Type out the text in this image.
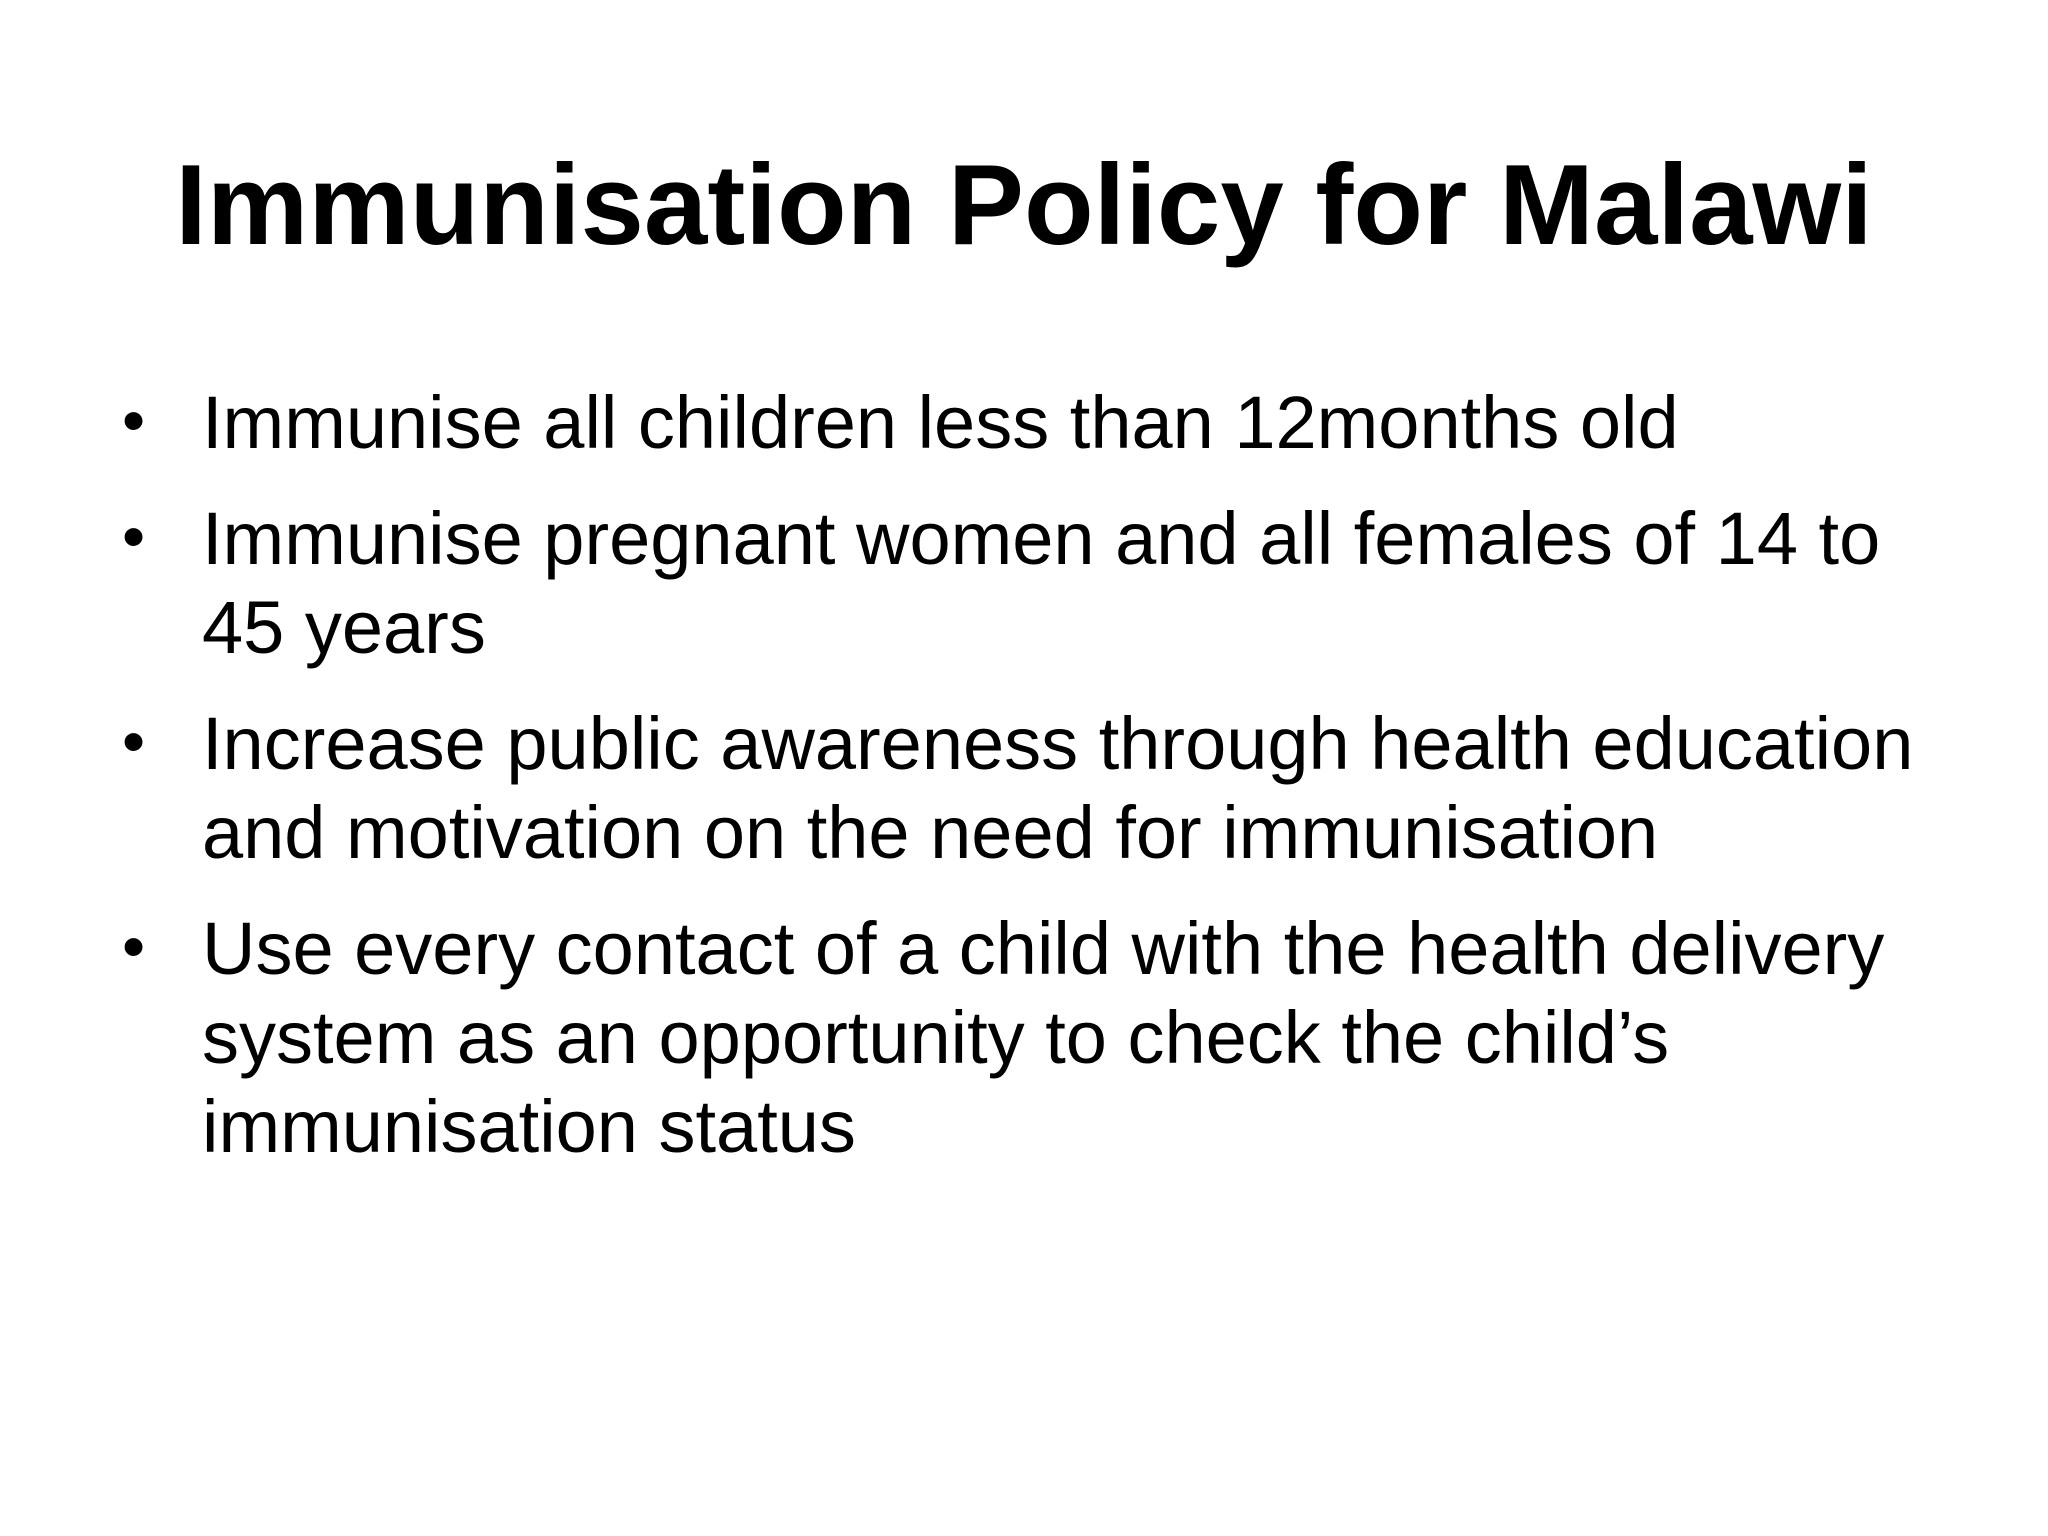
Immunisation Policy for Malawi
• Immunise all children less than 12months old
• Immunise pregnant women and all females of 14 to 45 years
• Increase public awareness through health education and motivation on the need for immunisation
• Use every contact of a child with the health delivery system as an opportunity to check the child’s immunisation status
